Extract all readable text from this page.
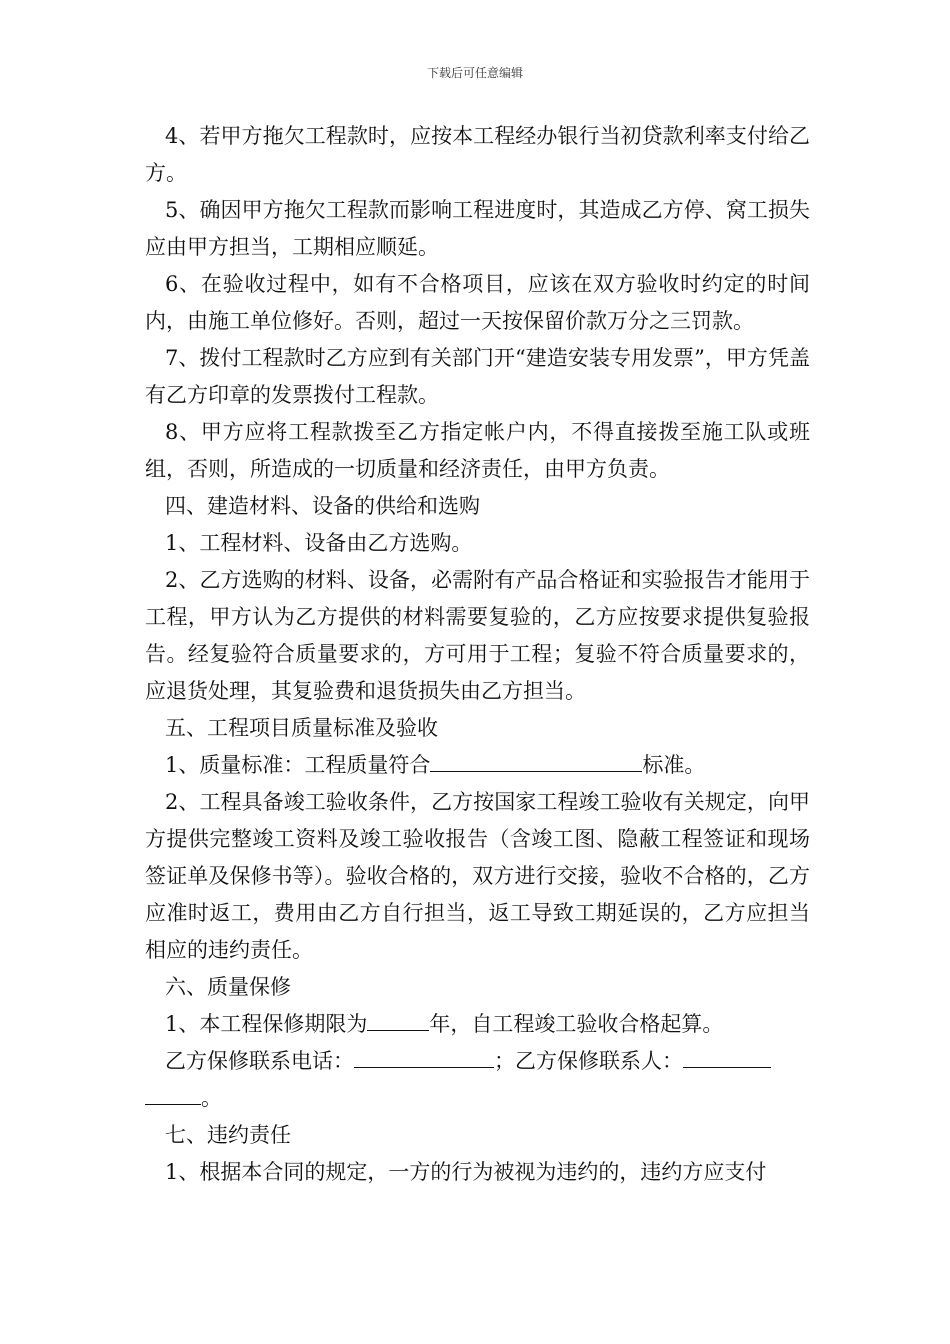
下载后可任意编辑

4、若甲方拖欠工程款时，应按本工程经办银行当初贷款利率支付给乙方。

5、确因甲方拖欠工程款而影响工程进度时，其造成乙方停、窝工损失应由甲方担当，工期相应顺延。

6、在验收过程中，如有不合格项目，应该在双方验收时约定的时间内，由施工单位修好。否则，超过一天按保留价款万分之三罚款。

7、拨付工程款时乙方应到有关部门开“建造安装专用发票”，甲方凭盖有乙方印章的发票拨付工程款。

8、甲方应将工程款拨至乙方指定帐户内，不得直接拨至施工队或班组，否则，所造成的一切质量和经济责任，由甲方负责。

四、建造材料、设备的供给和选购

1、工程材料、设备由乙方选购。

2、乙方选购的材料、设备，必需附有产品合格证和实验报告才能用于工程，甲方认为乙方提供的材料需要复验的，乙方应按要求提供复验报告。经复验符合质量要求的，方可用于工程；复验不符合质量要求的，应退货处理，其复验费和退货损失由乙方担当。

五、工程项目质量标准及验收

1、质量标准：工程质量符合	标准。

2、工程具备竣工验收条件，乙方按国家工程竣工验收有关规定，向甲方提供完整竣工资料及竣工验收报告（含竣工图、隐蔽工程签证和现场签证单及保修书等）。验收合格的，双方进行交接，验收不合格的，乙方应准时返工，费用由乙方自行担当，返工导致工期延误的，乙方应担当相应的违约责任。

六、质量保修

1、本工程保修期限为	年，自工程竣工验收合格起算。

乙方保修联系电话：	；乙方保修联系人：
。

七、违约责任

1、根据本合同的规定，一方的行为被视为违约的，违约方应支付
